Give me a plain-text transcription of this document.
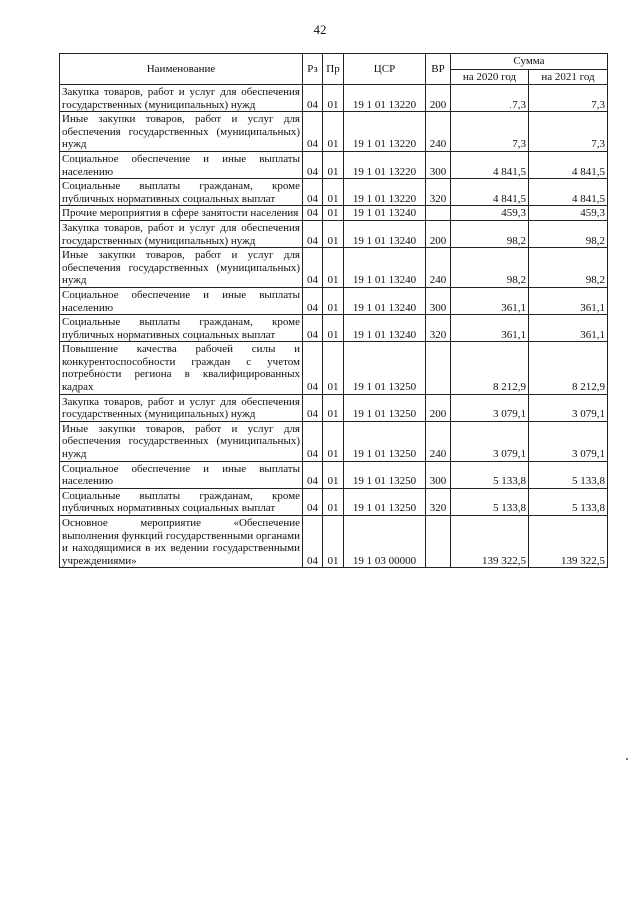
42
Наименование	Рз	Пр	ЦСР	ВР	Сумма	
					на 2020 год	на 2021 год
Закупка товаров, работ и услуг для обеспечения государственных (муниципальных) нужд	04	01	19 1 01 13220	200	7,3	7,3
Иные закупки товаров, работ и услуг для обеспечения государственных (муниципальных) нужд	04	01	19 1 01 13220	240	7,3	7,3
Социальное обеспечение и иные выплаты населению	04	01	19 1 01 13220	300	4 841,5	4 841,5
Социальные выплаты гражданам, кроме публичных нормативных социальных выплат	04	01	19 1 01 13220	320	4 841,5	4 841,5
Прочие мероприятия в сфере занятости населения	04	01	19 1 01 13240		459,3	459,3
Закупка товаров, работ и услуг для обеспечения государственных (муниципальных) нужд	04	01	19 1 01 13240	200	98,2	98,2
Иные закупки товаров, работ и услуг для обеспечения государственных (муниципальных) нужд	04	01	19 1 01 13240	240	98,2	98,2
Социальное обеспечение и иные выплаты населению	04	01	19 1 01 13240	300	361,1	361,1
Социальные выплаты гражданам, кроме публичных нормативных социальных выплат	04	01	19 1 01 13240	320	361,1	361,1
Повышение качества рабочей силы и конкурентоспособности граждан с учетом потребности региона в квалифицированных кадрах	04	01	19 1 01 13250		8 212,9	8 212,9
Закупка товаров, работ и услуг для обеспечения государственных (муниципальных) нужд	04	01	19 1 01 13250	200	3 079,1	3 079,1
Иные закупки товаров, работ и услуг для обеспечения государственных (муниципальных) нужд	04	01	19 1 01 13250	240	3 079,1	3 079,1
Социальное обеспечение и иные выплаты населению	04	01	19 1 01 13250	300	5 133,8	5 133,8
Социальные выплаты гражданам, кроме публичных нормативных социальных выплат	04	01	19 1 01 13250	320	5 133,8	5 133,8
Основное мероприятие «Обеспечение выполнения функций государственными органами и находящимися в их ведении государственными учреждениями»	04	01	19 1 03 00000		139 322,5	139 322,5
